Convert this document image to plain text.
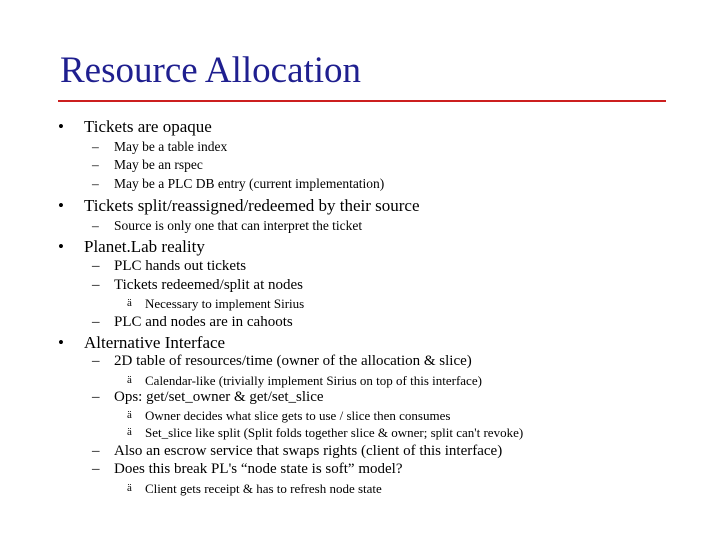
Resource Allocation
• Tickets are opaque
– May be a table index
– May be an rspec
– May be a PLC DB entry (current implementation)
• Tickets split/reassigned/redeemed by their source
– Source is only one that can interpret the ticket
• Planet.Lab reality
– PLC hands out tickets
– Tickets redeemed/split at nodes
ä Necessary to implement Sirius
– PLC and nodes are in cahoots
• Alternative Interface
– 2D table of resources/time (owner of the allocation & slice)
ä Calendar-like (trivially implement Sirius on top of this interface)
– Ops: get/set_owner & get/set_slice
ä Owner decides what slice gets to use / slice then consumes
ä Set_slice like split (Split folds together slice & owner; split can't revoke)
– Also an escrow service that swaps rights (client of this interface)
– Does this break PL's “node state is soft” model?
ä Client gets receipt & has to refresh node state
